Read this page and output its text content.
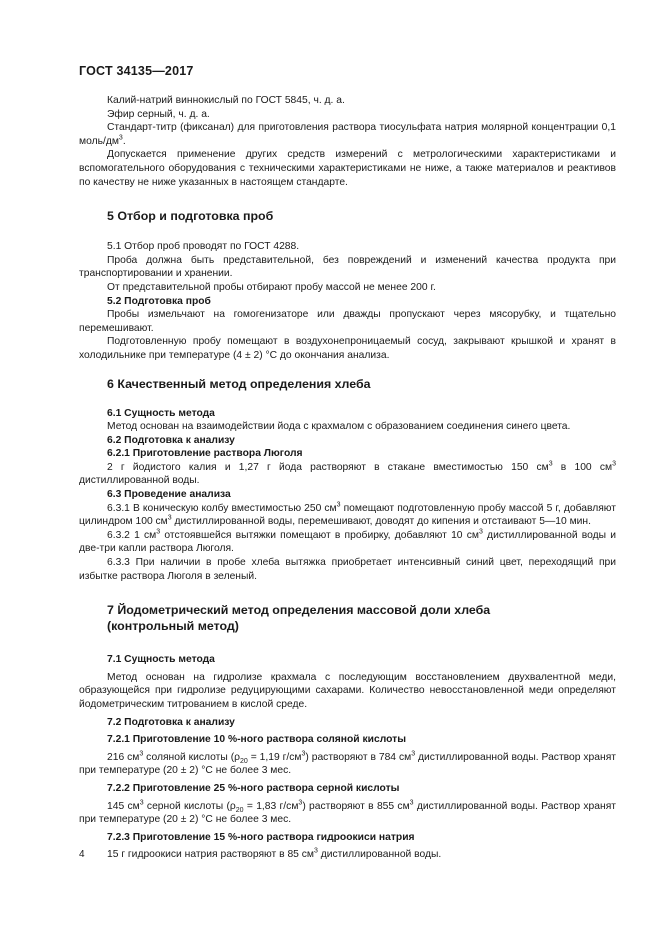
ГОСТ 34135—2017

Калий-натрий виннокислый по ГОСТ 5845, ч. д. а.

Эфир серный, ч. д. а.

Стандарт-титр (фиксанал) для приготовления раствора тиосульфата натрия молярной концентрации 0,1 моль/$дм^3$.

Допускается применение других средств измерений с метрологическими характеристиками и вспомогательного оборудования с техническими характеристиками не ниже, а также материалов и реактивов по качеству не ниже указанных в настоящем стандарте.

5 Отбор и подготовка проб

5.1 Отбор проб проводят по ГОСТ 4288.

Проба должна быть представительной, без повреждений и изменений качества продукта при транспортировании и хранении.

От представительной пробы отбирают пробу массой не менее 200 г.

5.2 Подготовка проб

Пробы измельчают на гомогенизаторе или дважды пропускают через мясорубку, и тщательно перемешивают.

Подготовленную пробу помещают в воздухонепроницаемый сосуд, закрывают крышкой и хранят в холодильнике при температуре (4 ± 2) °С до окончания анализа.

6 Качественный метод определения хлеба

6.1 Сущность метода

Метод основан на взаимодействии йода с крахмалом с образованием соединения синего цвета.

6.2 Подготовка к анализу

6.2.1 Приготовление раствора Люголя

2 г йодистого калия и 1,27 г йода растворяют в стакане вместимостью 150 $см^3$ в 100 $см^3$ дистиллированной воды.

6.3 Проведение анализа

6.3.1 В коническую колбу вместимостью 250 $см^3$ помещают подготовленную пробу массой 5 г, добавляют цилиндром 100 $см^3$ дистиллированной воды, перемешивают, доводят до кипения и отстаивают 5—10 мин.

6.3.2 1 $см^3$ отстоявшейся вытяжки помещают в пробирку, добавляют 10 $см^3$ дистиллированной воды и две-три капли раствора Люголя.

6.3.3 При наличии в пробе хлеба вытяжка приобретает интенсивный синий цвет, переходящий при избытке раствора Люголя в зеленый.

7 Йодометрический метод определения массовой доли хлеба

(контрольный метод)

7.1 Сущность метода

Метод основан на гидролизе крахмала с последующим восстановлением двухвалентной меди, образующейся при гидролизе редуцирующими сахарами. Количество невосстановленной меди определяют йодометрическим титрованием в кислой среде.

7.2 Подготовка к анализу

7.2.1 Приготовление 10 %-ного раствора соляной кислоты

216 $см^3$ соляной кислоты ($\rho_{20} = 1,19$ $г/см^3$) растворяют в 784 $см^3$ дистиллированной воды. Раствор хранят при температуре (20 ± 2) °С не более 3 мес.

7.2.2 Приготовление 25 %-ного раствора серной кислоты

145 $см^3$ серной кислоты ($\rho_{20} = 1,83$ $г/см^3$) растворяют в 855 $см^3$ дистиллированной воды. Раствор хранят при температуре (20 ± 2) °С не более 3 мес.

7.2.3 Приготовление 15 %-ного раствора гидроокиси натрия

15 г гидроокиси натрия растворяют в 85 $см^3$ дистиллированной воды.

4
